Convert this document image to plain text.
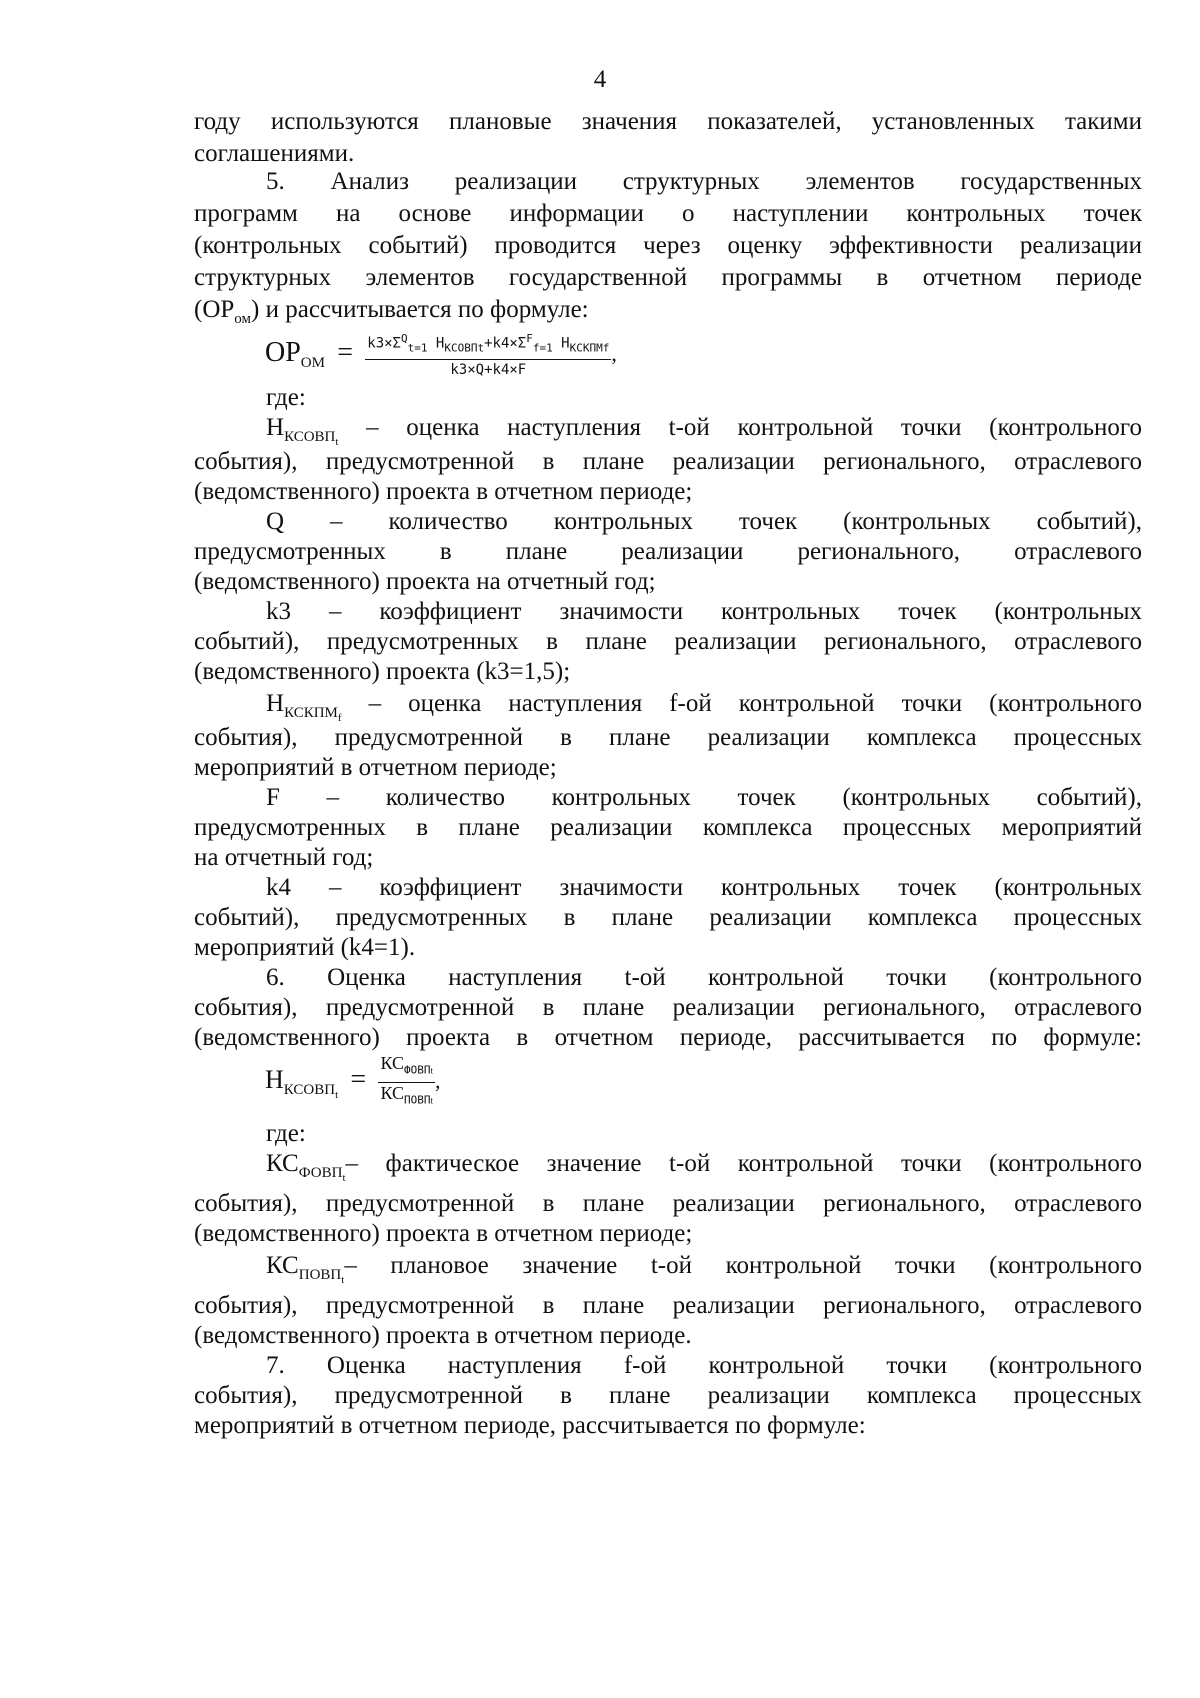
4
году используются плановые значения показателей, установленных такими
соглашениями.
5. Анализ реализации структурных элементов государственных
программ на основе информации о наступлении контрольных точек
(контрольных событий) проводится через оценку эффективности реализации
структурных элементов государственной программы в отчетном периоде
$(ОР_{ом})$ и рассчитывается по формуле:
$OP_{ОМ} = k3\times\Sigma^Q_{t=1}$ $Н_{КСОВПt}+k4\times\Sigma^F_{f=1}$ $Н_{КСКПМf}$
k3×Q+k4×F
,
где:
$Н_{КСОВП_t}$ – оценка наступления t-ой контрольной точки (контрольного
события), предусмотренной в плане реализации регионального, отраслевого
(ведомственного) проекта в отчетном периоде;
Q – количество контрольных точек (контрольных событий),
предусмотренных в плане реализации регионального, отраслевого
(ведомственного) проекта на отчетный год;
k3 – коэффициент значимости контрольных точек (контрольных
событий), предусмотренных в плане реализации регионального, отраслевого
(ведомственного) проекта (k3=1,5);
$Н_{КСКПМ_f}$ – оценка наступления f-ой контрольной точки (контрольного
события), предусмотренной в плане реализации комплекса процессных
мероприятий в отчетном периоде;
F – количество контрольных точек (контрольных событий),
предусмотренных в плане реализации комплекса процессных мероприятий
на отчетный год;
k4 – коэффициент значимости контрольных точек (контрольных
событий), предусмотренных в плане реализации комплекса процессных
мероприятий (k4=1).
6. Оценка наступления t-ой контрольной точки (контрольного
события), предусмотренной в плане реализации регионального, отраслевого
(ведомственного) проекта в отчетном периоде, рассчитывается по формуле:
$Н_{КСОВП_t}$ =
$КС_{ФОВПt}$
$КС_{ПОВПt}$
,
где:
$КС_{ФОВП_t}-$ фактическое значение t-ой контрольной точки (контрольного
события), предусмотренной в плане реализации регионального, отраслевого
(ведомственного) проекта в отчетном периоде;
$КС_{ПОВП_t}-$ плановое значение t-ой контрольной точки (контрольного
события), предусмотренной в плане реализации регионального, отраслевого
(ведомственного) проекта в отчетном периоде.
7. Оценка наступления f-ой контрольной точки (контрольного
события), предусмотренной в плане реализации комплекса процессных
мероприятий в отчетном периоде, рассчитывается по формуле:
